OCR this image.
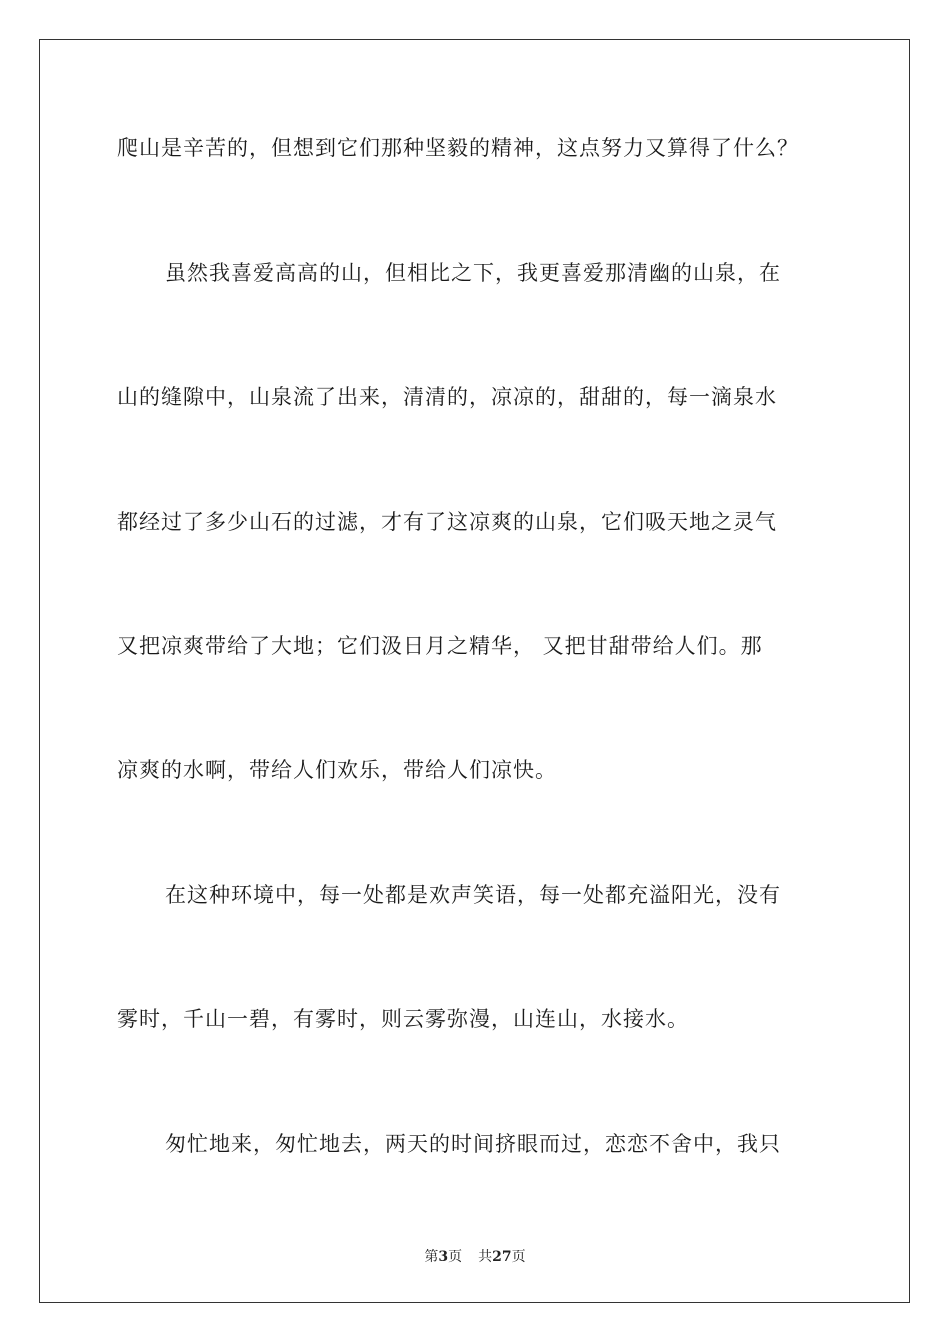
爬山是辛苦的，但想到它们那种坚毅的精神，这点努力又算得了什么？
虽然我喜爱高高的山，但相比之下，我更喜爱那清幽的山泉，在
山的缝隙中，山泉流了出来，清清的，凉凉的，甜甜的，每一滴泉水
都经过了多少山石的过滤，才有了这凉爽的山泉，它们吸天地之灵气
又把凉爽带给了大地；它们汲日月之精华， 又把甘甜带给人们。那
凉爽的水啊，带给人们欢乐，带给人们凉快。
在这种环境中，每一处都是欢声笑语，每一处都充溢阳光，没有
雾时，千山一碧，有雾时，则云雾弥漫，山连山，水接水。
匆忙地来，匆忙地去，两天的时间挤眼而过，恋恋不舍中，我只
第3页 共27页
